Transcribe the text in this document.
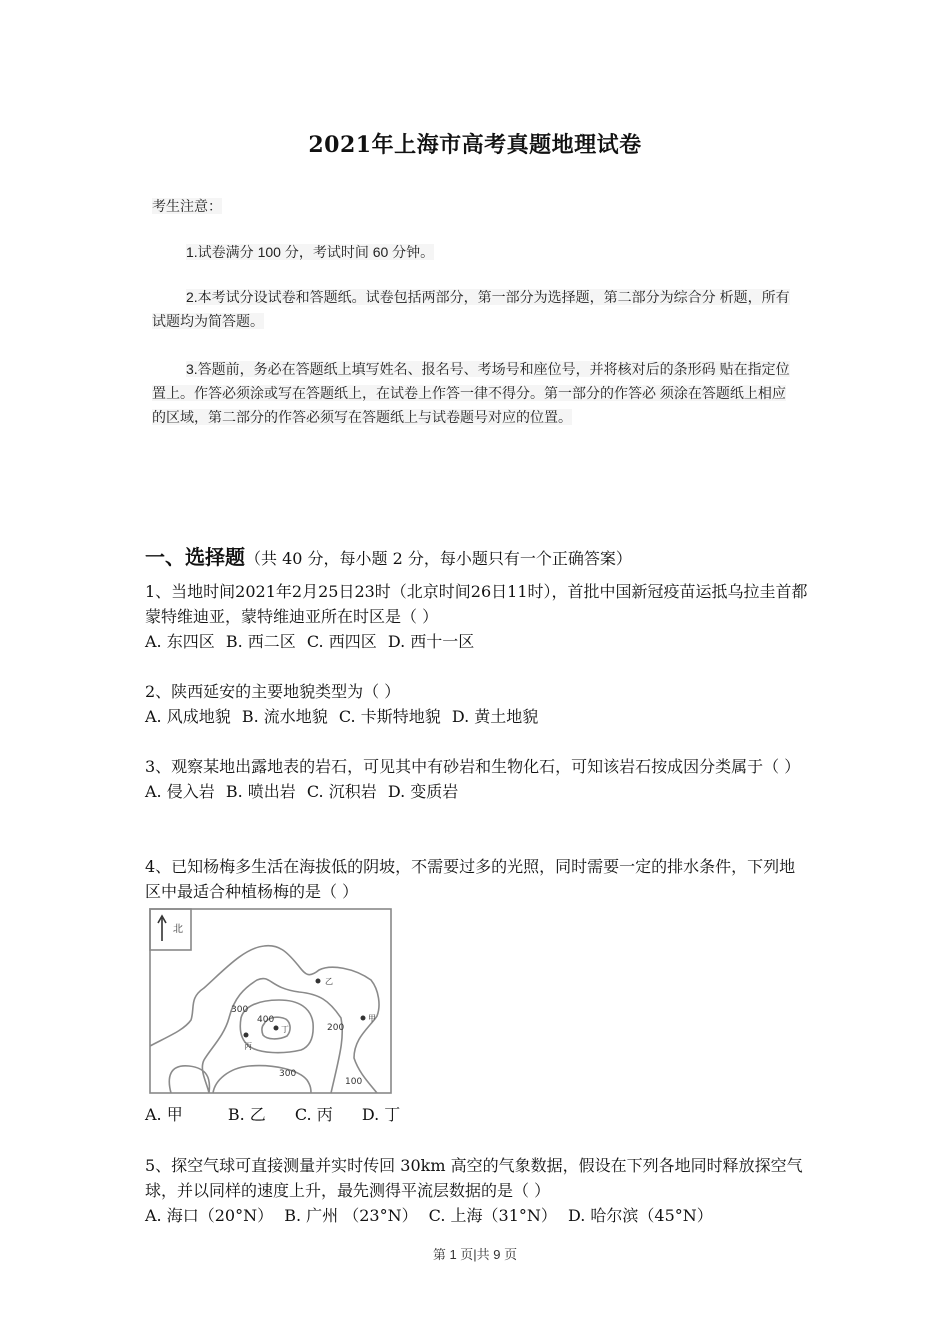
2021年上海市高考真题地理试卷
考生注意：
1.试卷满分 100 分，考试时间 60 分钟。
2.本考试分设试卷和答题纸。试卷包括两部分，第一部分为选择题，第二部分为综合分 析题，所有试题均为简答题。
3.答题前，务必在答题纸上填写姓名、报名号、考场号和座位号，并将核对后的条形码 贴在指定位置上。作答必须涂或写在答题纸上，在试卷上作答一律不得分。第一部分的作答必 须涂在答题纸上相应的区域，第二部分的作答必须写在答题纸上与试卷题号对应的位置。
一、选择题（共 40 分，每小题 2 分，每小题只有一个正确答案）
1、当地时间2021年2月25日23时（北京时间26日11时），首批中国新冠疫苗运抵乌拉圭首都蒙特维迪亚，蒙特维迪亚所在时区是（ ）
A. 东四区 B. 西二区 C. 西四区 D. 西十一区
2、陕西延安的主要地貌类型为（ ）
A. 风成地貌 B. 流水地貌 C. 卡斯特地貌 D. 黄土地貌
3、观察某地出露地表的岩石，可见其中有砂岩和生物化石，可知该岩石按成因分类属于（ ）
A. 侵入岩 B. 喷出岩 C. 沉积岩 D. 变质岩
4、已知杨梅多生活在海拔低的阴坡，不需要过多的光照，同时需要一定的排水条件，下列地区中最适合种植杨梅的是（ ）
北
300
400
200
300
100
乙
甲
丁
丙
A. 甲	B. 乙 C. 丙 D. 丁
5、探空气球可直接测量并实时传回 30km 高空的气象数据，假设在下列各地同时释放探空气球，并以同样的速度上升，最先测得平流层数据的是（ ）
A. 海口（20°N） B. 广州 （23°N） C. 上海（31°N） D. 哈尔滨（45°N）
第 1 页|共 9 页
